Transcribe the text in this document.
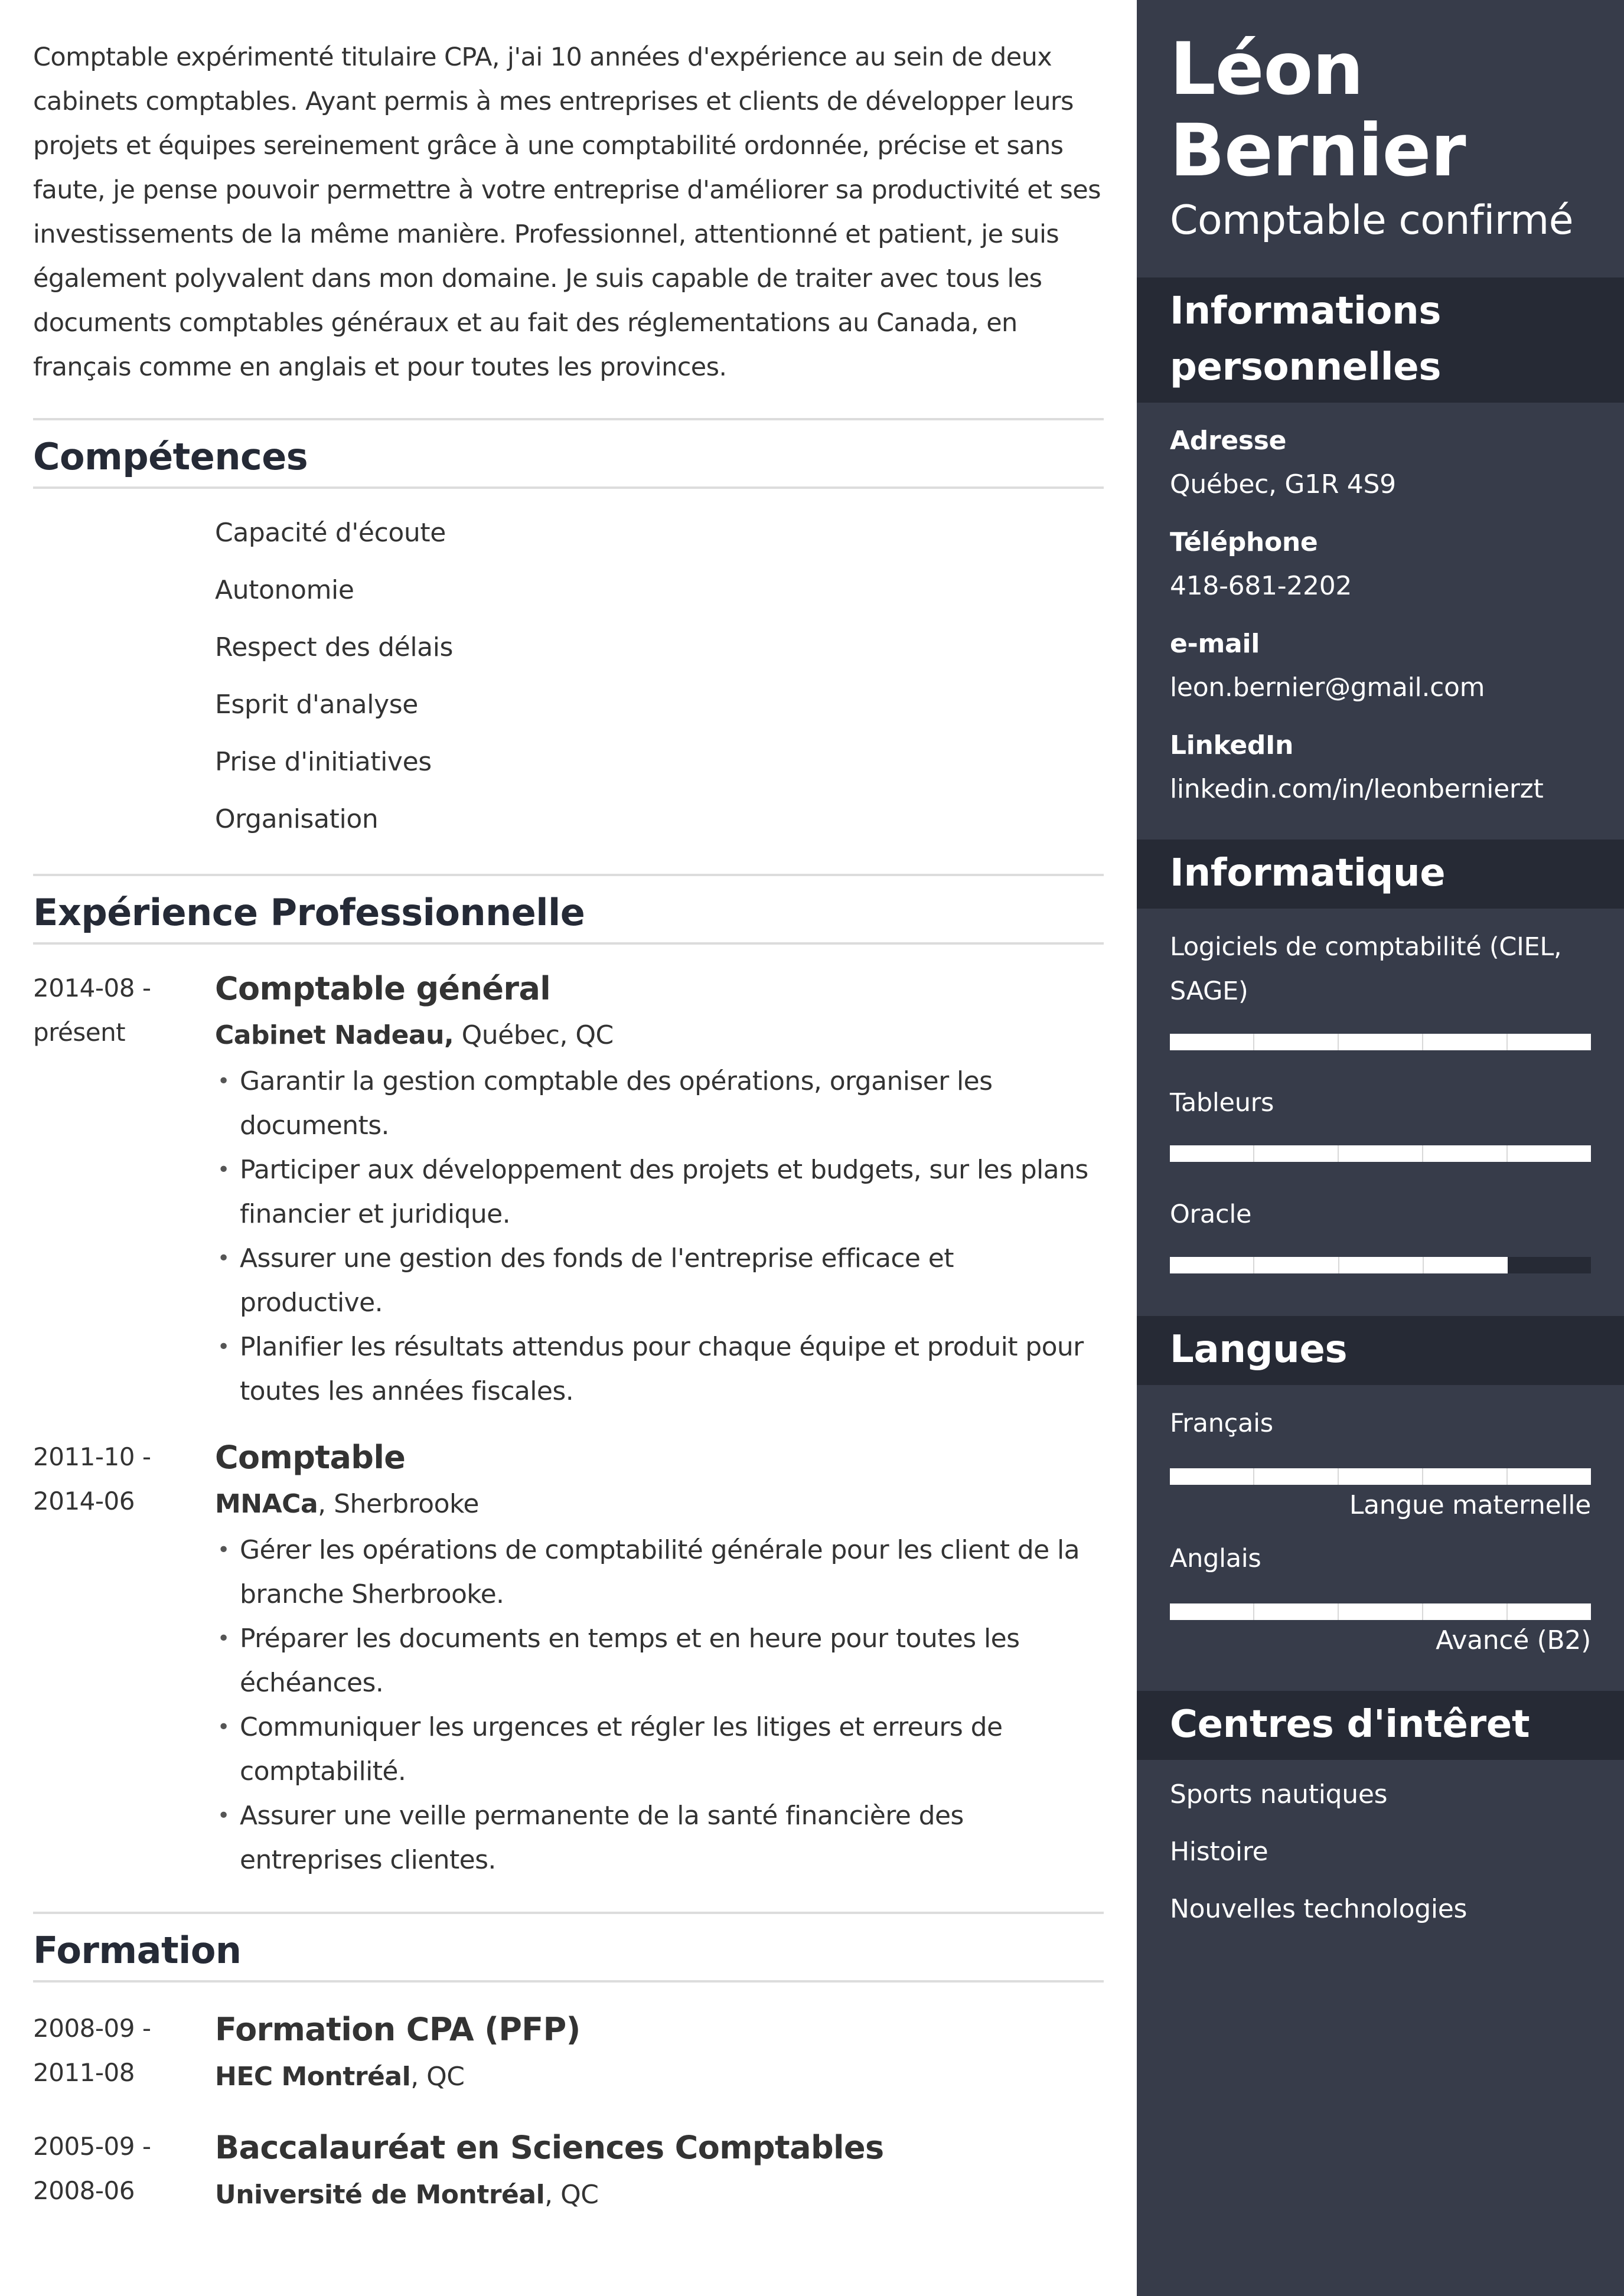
Comptable expérimenté titulaire CPA, j'ai 10 années d'expérience au sein de deux cabinets comptables. Ayant permis à mes entreprises et clients de développer leurs projets et équipes sereinement grâce à une comptabilité ordonnée, précise et sans faute, je pense pouvoir permettre à votre entreprise d'améliorer sa productivité et ses investissements de la même manière. Professionnel, attentionné et patient, je suis également polyvalent dans mon domaine. Je suis capable de traiter avec tous les documents comptables généraux et au fait des réglementations au Canada, en français comme en anglais et pour toutes les provinces.

Compétences
Capacité d'écoute
Autonomie
Respect des délais
Esprit d'analyse
Prise d'initiatives
Organisation
Expérience Professionnelle
2014-08 -
présent
Comptable général
Cabinet Nadeau, Québec, QC
• Garantir la gestion comptable des opérations, organiser les documents.
• Participer aux développement des projets et budgets, sur les plans financier et juridique.
• Assurer une gestion des fonds de l'entreprise efficace et productive.
• Planifier les résultats attendus pour chaque équipe et produit pour toutes les années fiscales.
2011-10 -
2014-06
Comptable
MNACa, Sherbrooke
• Gérer les opérations de comptabilité générale pour les client de la branche Sherbrooke.
• Préparer les documents en temps et en heure pour toutes les échéances.
• Communiquer les urgences et régler les litiges et erreurs de comptabilité.
• Assurer une veille permanente de la santé financière des entreprises clientes.
Formation
2008-09 -
2011-08
Formation CPA (PFP)
HEC Montréal, QC
2005-09 -
2008-06
Baccalauréat en Sciences Comptables
Université de Montréal, QC
Léon
Bernier
Comptable confirmé
Informations personnelles
Adresse
Québec, G1R 4S9
Téléphone
418-681-2202
e-mail
leon.bernier@gmail.com
LinkedIn
linkedin.com/in/leonbernierzt
Informatique
Logiciels de comptabilité (CIEL, SAGE)
Tableurs
Oracle
Langues
Français
Langue maternelle
Anglais
Avancé (B2)
Centres d'intêret
Sports nautiques
Histoire
Nouvelles technologies
